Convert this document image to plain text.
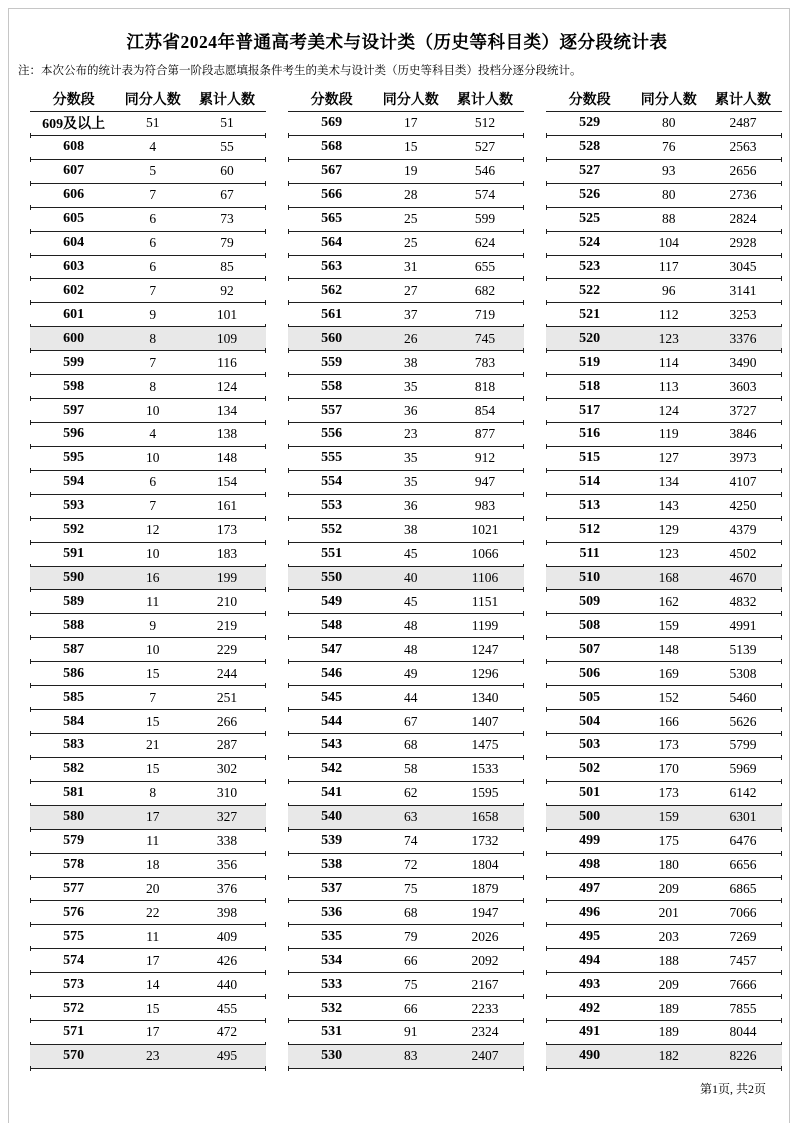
江苏省2024年普通高考美术与设计类（历史等科目类）逐分段统计表
注：本次公布的统计表为符合第一阶段志愿填报条件考生的美术与设计类（历史等科目类）投档分逐分段统计。
分数段	同分人数	累计人数
609及以上	51	51
608	4	55
607	5	60
606	7	67
605	6	73
604	6	79
603	6	85
602	7	92
601	9	101
600	8	109
599	7	116
598	8	124
597	10	134
596	4	138
595	10	148
594	6	154
593	7	161
592	12	173
591	10	183
590	16	199
589	11	210
588	9	219
587	10	229
586	15	244
585	7	251
584	15	266
583	21	287
582	15	302
581	8	310
580	17	327
579	11	338
578	18	356
577	20	376
576	22	398
575	11	409
574	17	426
573	14	440
572	15	455
571	17	472
570	23	495
分数段	同分人数	累计人数
569	17	512
568	15	527
567	19	546
566	28	574
565	25	599
564	25	624
563	31	655
562	27	682
561	37	719
560	26	745
559	38	783
558	35	818
557	36	854
556	23	877
555	35	912
554	35	947
553	36	983
552	38	1021
551	45	1066
550	40	1106
549	45	1151
548	48	1199
547	48	1247
546	49	1296
545	44	1340
544	67	1407
543	68	1475
542	58	1533
541	62	1595
540	63	1658
539	74	1732
538	72	1804
537	75	1879
536	68	1947
535	79	2026
534	66	2092
533	75	2167
532	66	2233
531	91	2324
530	83	2407
分数段	同分人数	累计人数
529	80	2487
528	76	2563
527	93	2656
526	80	2736
525	88	2824
524	104	2928
523	117	3045
522	96	3141
521	112	3253
520	123	3376
519	114	3490
518	113	3603
517	124	3727
516	119	3846
515	127	3973
514	134	4107
513	143	4250
512	129	4379
511	123	4502
510	168	4670
509	162	4832
508	159	4991
507	148	5139
506	169	5308
505	152	5460
504	166	5626
503	173	5799
502	170	5969
501	173	6142
500	159	6301
499	175	6476
498	180	6656
497	209	6865
496	201	7066
495	203	7269
494	188	7457
493	209	7666
492	189	7855
491	189	8044
490	182	8226
第1页, 共2页
